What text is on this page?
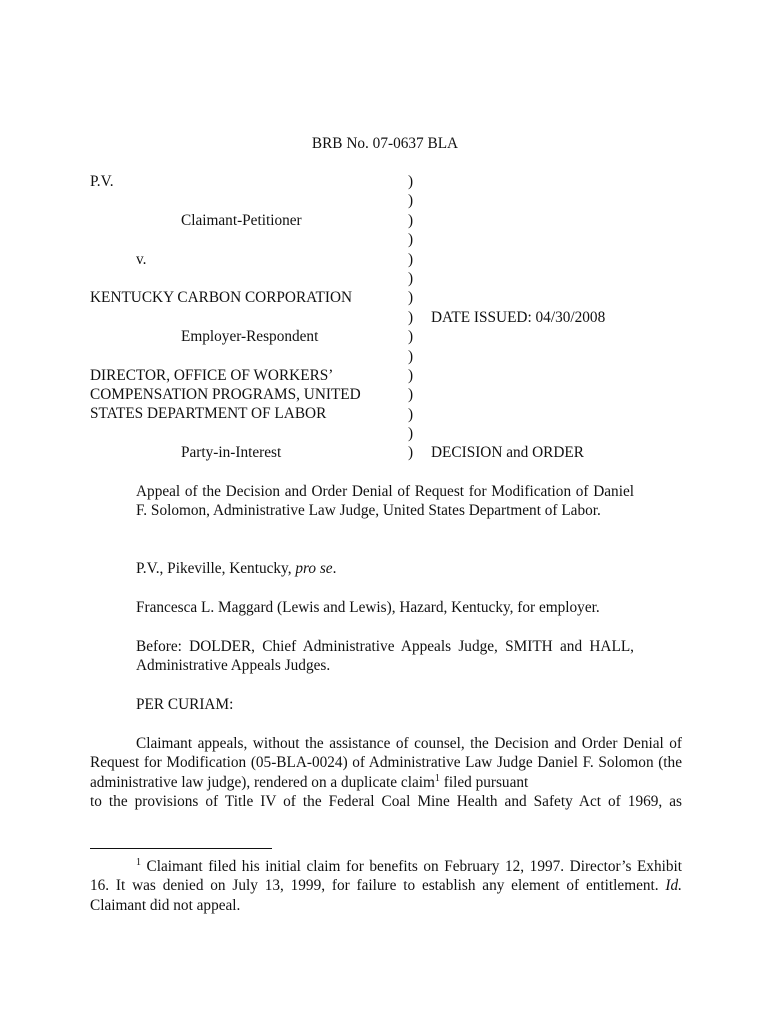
BRB No. 07-0637 BLA
P.V.
Claimant-Petitioner
v.
KENTUCKY CARBON CORPORATION
Employer-Respondent
DIRECTOR, OFFICE OF WORKERS’
COMPENSATION PROGRAMS, UNITED
STATES DEPARTMENT OF LABOR
Party-in-Interest
)
)
)
)
)
)
)
)
)
)
)
)
)
)
)
DATE ISSUED: 04/30/2008
DECISION and ORDER
Appeal of the Decision and Order Denial of Request for Modification of Daniel F. Solomon, Administrative Law Judge, United States Department of Labor.
P.V., Pikeville, Kentucky, pro se.
Francesca L. Maggard (Lewis and Lewis), Hazard, Kentucky, for employer.
Before: DOLDER, Chief Administrative Appeals Judge, SMITH and HALL, Administrative Appeals Judges.
PER CURIAM:
Claimant appeals, without the assistance of counsel, the Decision and Order Denial of Request for Modification (05-BLA-0024) of Administrative Law Judge Daniel F. Solomon (the administrative law judge), rendered on a duplicate claim$^1$ filed pursuant
to the provisions of Title IV of the Federal Coal Mine Health and Safety Act of 1969, as
$^1$ Claimant filed his initial claim for benefits on February 12, 1997. Director’s Exhibit 16. It was denied on July 13, 1999, for failure to establish any element of entitlement. Id. Claimant did not appeal.
